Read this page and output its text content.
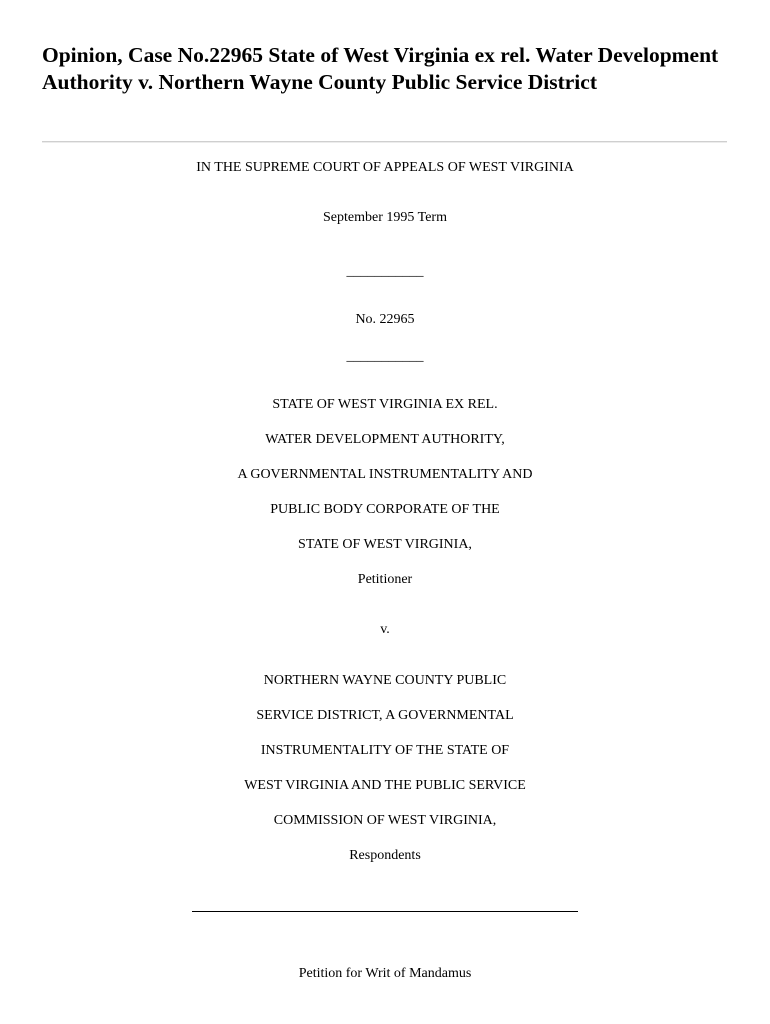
Opinion, Case No.22965 State of West Virginia ex rel. Water Development Authority v. Northern Wayne County Public Service District
IN THE SUPREME COURT OF APPEALS OF WEST VIRGINIA
September 1995 Term
___________
No. 22965
___________
STATE OF WEST VIRGINIA EX REL.
WATER DEVELOPMENT AUTHORITY,
A GOVERNMENTAL INSTRUMENTALITY AND
PUBLIC BODY CORPORATE OF THE
STATE OF WEST VIRGINIA,
Petitioner
v.
NORTHERN WAYNE COUNTY PUBLIC
SERVICE DISTRICT, A GOVERNMENTAL
INSTRUMENTALITY OF THE STATE OF
WEST VIRGINIA AND THE PUBLIC SERVICE
COMMISSION OF WEST VIRGINIA,
Respondents
Petition for Writ of Mandamus
